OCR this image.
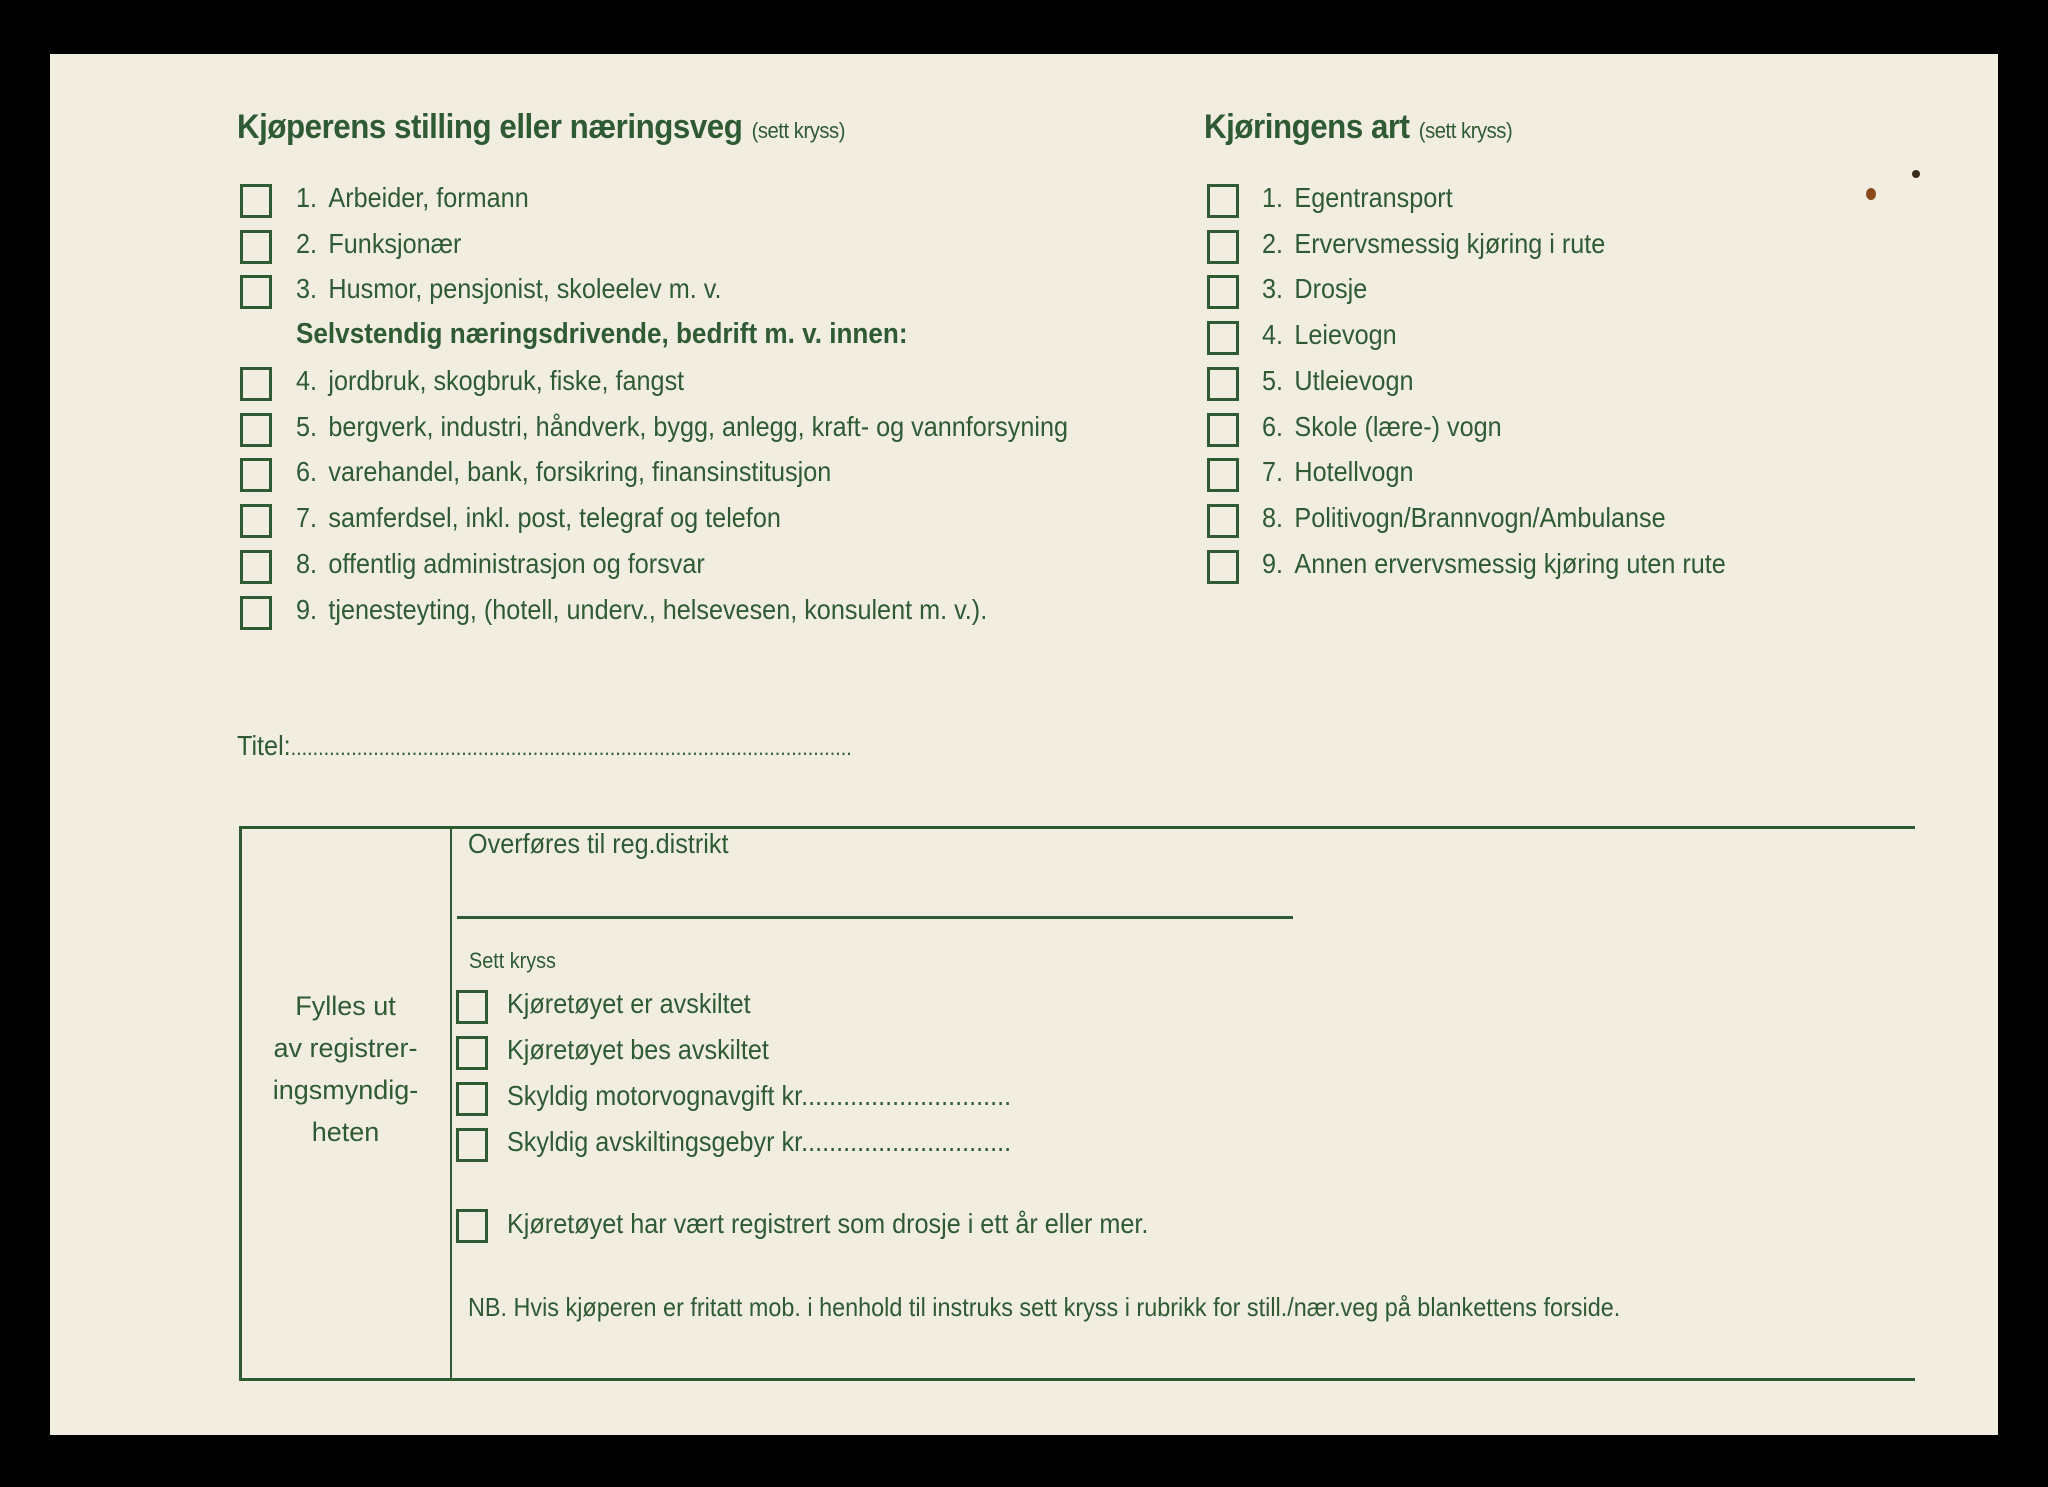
Kjøperens stilling eller næringsveg (sett kryss)
1. Arbeider, formann
2. Funksjonær
3. Husmor, pensjonist, skoleelev m. v.
4. jordbruk, skogbruk, fiske, fangst
5. bergverk, industri, håndverk, bygg, anlegg, kraft- og vannforsyning
6. varehandel, bank, forsikring, finansinstitusjon
7. samferdsel, inkl. post, telegraf og telefon
8. offentlig administrasjon og forsvar
9. tjenesteyting, (hotell, underv., helsevesen, konsulent m. v.).
Selvstendig næringsdrivende, bedrift m. v. innen:
Kjøringens art (sett kryss)
1. Egentransport
2. Ervervsmessig kjøring i rute
3. Drosje
4. Leievogn
5. Utleievogn
6. Skole (lære-) vogn
7. Hotellvogn
8. Politivogn/Brannvogn/Ambulanse
9. Annen ervervsmessig kjøring uten rute
Titel:......................................................................................................
Fylles ut
av registrer-
ingsmyndig-
heten
Overføres til reg.distrikt
Sett kryss
Kjøretøyet er avskiltet
Kjøretøyet bes avskiltet
Skyldig motorvognavgift kr..............................
Skyldig avskiltingsgebyr kr..............................
Kjøretøyet har vært registrert som drosje i ett år eller mer.
NB. Hvis kjøperen er fritatt mob. i henhold til instruks sett kryss i rubrikk for still./nær.veg på blankettens forside.
